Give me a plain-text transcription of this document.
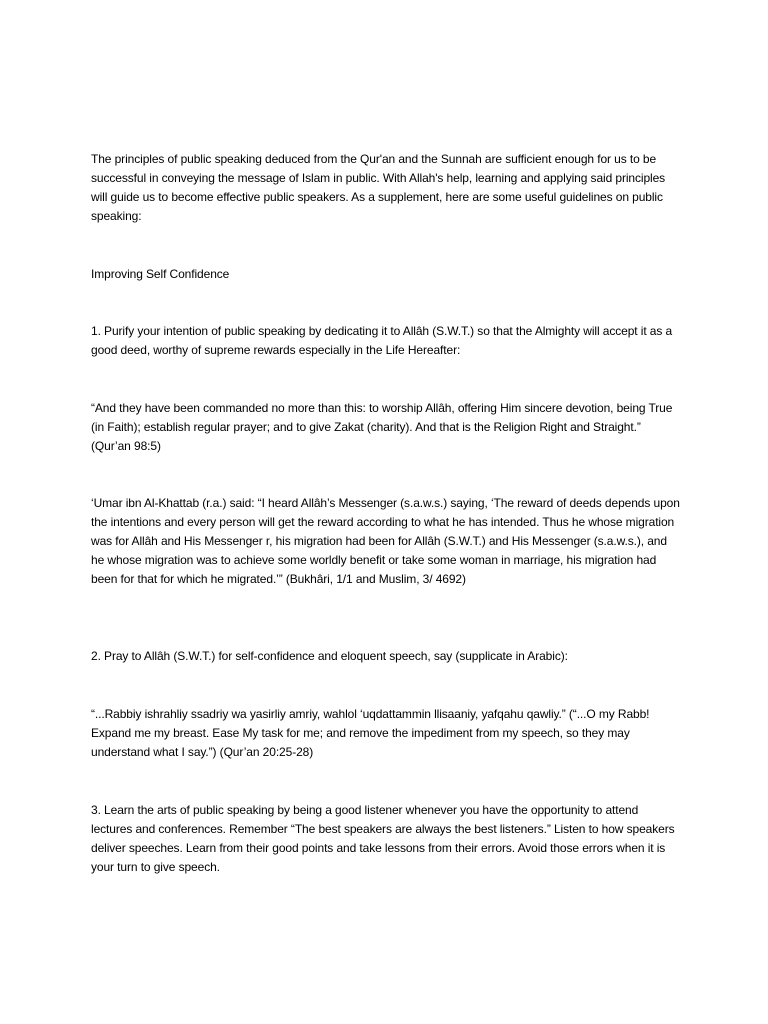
The principles of public speaking deduced from the Qur'an and the Sunnah are sufficient enough for us to be successful in conveying the message of Islam in public. With Allah's help, learning and applying said principles will guide us to become effective public speakers. As a supplement, here are some useful guidelines on public speaking:

Improving Self Confidence

1. Purify your intention of public speaking by dedicating it to Allâh (S.W.T.) so that the Almighty will accept it as a good deed, worthy of supreme rewards especially in the Life Hereafter:

“And they have been commanded no more than this: to worship Allâh, offering Him sincere devotion, being True (in Faith); establish regular prayer; and to give Zakat (charity). And that is the Religion Right and Straight.” (Qur’an 98:5)

‘Umar ibn Al-Khattab (r.a.) said: “I heard Allâh’s Messenger (s.a.w.s.) saying, ‘The reward of deeds depends upon the intentions and every person will get the reward according to what he has intended. Thus he whose migration was for Allâh and His Messenger r, his migration had been for Allâh (S.W.T.) and His Messenger (s.a.w.s.), and he whose migration was to achieve some worldly benefit or take some woman in marriage, his migration had been for that for which he migrated.’” (Bukhâri, 1/1 and Muslim, 3/ 4692)

2. Pray to Allâh (S.W.T.) for self-confidence and eloquent speech, say (supplicate in Arabic):

“...Rabbiy ishrahliy ssadriy wa yasirliy amriy, wahlol ‘uqdattammin llisaaniy, yafqahu qawliy.” (“...O my Rabb! Expand me my breast. Ease My task for me; and remove the impediment from my speech, so they may understand what I say.”) (Qur’an 20:25-28)

3. Learn the arts of public speaking by being a good listener whenever you have the opportunity to attend lectures and conferences. Remember “The best speakers are always the best listeners.” Listen to how speakers deliver speeches. Learn from their good points and take lessons from their errors. Avoid those errors when it is your turn to give speech.
